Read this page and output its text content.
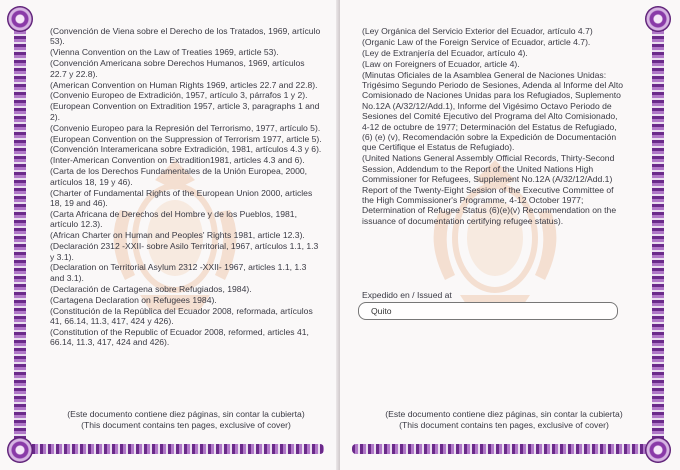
(Convención de Viena sobre el Derecho de los Tratados, 1969, artículo 53).
(Vienna Convention on the Law of Treaties 1969, article 53).
(Convención Americana sobre Derechos Humanos, 1969, artículos 22.7 y 22.8).
(American Convention on Human Rights 1969, articles 22.7 and 22.8).
(Convenio Europeo de Extradición, 1957, artículo 3, párrafos 1 y 2).
(European Convention on Extradition 1957, article 3, paragraphs 1 and 2).
(Convenio Europeo para la Represión del Terrorismo, 1977, artículo 5).
(European Convention on the Suppression of Terrorism 1977, article 5).
(Convención Interamericana sobre Extradición, 1981, artículos 4.3 y 6).
(Inter-American Convention on Extradition1981, articles 4.3 and 6).
(Carta de los Derechos Fundamentales de la Unión Europea, 2000, artículos 18, 19 y 46).
(Charter of Fundamental Rights of the European Union 2000, articles 18, 19 and 46).
(Carta Africana de Derechos del Hombre y de los Pueblos, 1981, artículo 12.3).
(African Charter on Human and Peoples' Rights 1981, article 12.3).
(Declaración 2312 -XXII- sobre Asilo Territorial, 1967, artículos 1.1, 1.3 y 3.1).
(Declaration on Territorial Asylum 2312 -XXII- 1967, articles 1.1, 1.3 and 3.1).
(Declaración de Cartagena sobre Refugiados, 1984).
(Cartagena Declaration on Refugees 1984).
(Constitución de la República del Ecuador 2008, reformada, artículos 41, 66.14, 11.3, 417, 424 y 426).
(Constitution of the Republic of Ecuador 2008, reformed, articles 41, 66.14, 11.3, 417, 424 and 426).
(Este documento contiene diez páginas, sin contar la cubierta)
(This document contains ten pages, exclusive of cover)
(Ley Orgánica del Servicio Exterior del Ecuador, artículo 4.7)
(Organic Law of the Foreign Service of Ecuador, article 4.7).
(Ley de Extranjería del Ecuador, artículo 4).
(Law on Foreigners of Ecuador, article 4).
(Minutas Oficiales de la Asamblea General de Naciones Unidas: Trigésimo Segundo Periodo de Sesiones, Adenda al Informe del Alto Comisionado de Naciones Unidas para los Refugiados, Suplemento No.12A (A/32/12/Add.1), Informe del Vigésimo Octavo Periodo de Sesiones del Comité Ejecutivo del Programa del Alto Comisionado, 4-12 de octubre de 1977; Determinación del Estatus de Refugiado, (6) (e) (v), Recomendación sobre la Expedición de Documentación que Certifique el Estatus de Refugiado).
(United Nations General Assembly Official Records, Thirty-Second Session, Addendum to the Report of the United Nations High Commissioner for Refugees, Supplement No.12A (A/32/12/Add.1) Report of the Twenty-Eight Session of the Executive Committee of the High Commissioner's Programme, 4-12 October 1977; Determination of Refugee Status (6)(e)(v) Recommendation on the issuance of documentation certifying refugee status).
Expedido en / Issued at
Quito
(Este documento contiene diez páginas, sin contar la cubierta)
(This document contains ten pages, exclusive of cover)
